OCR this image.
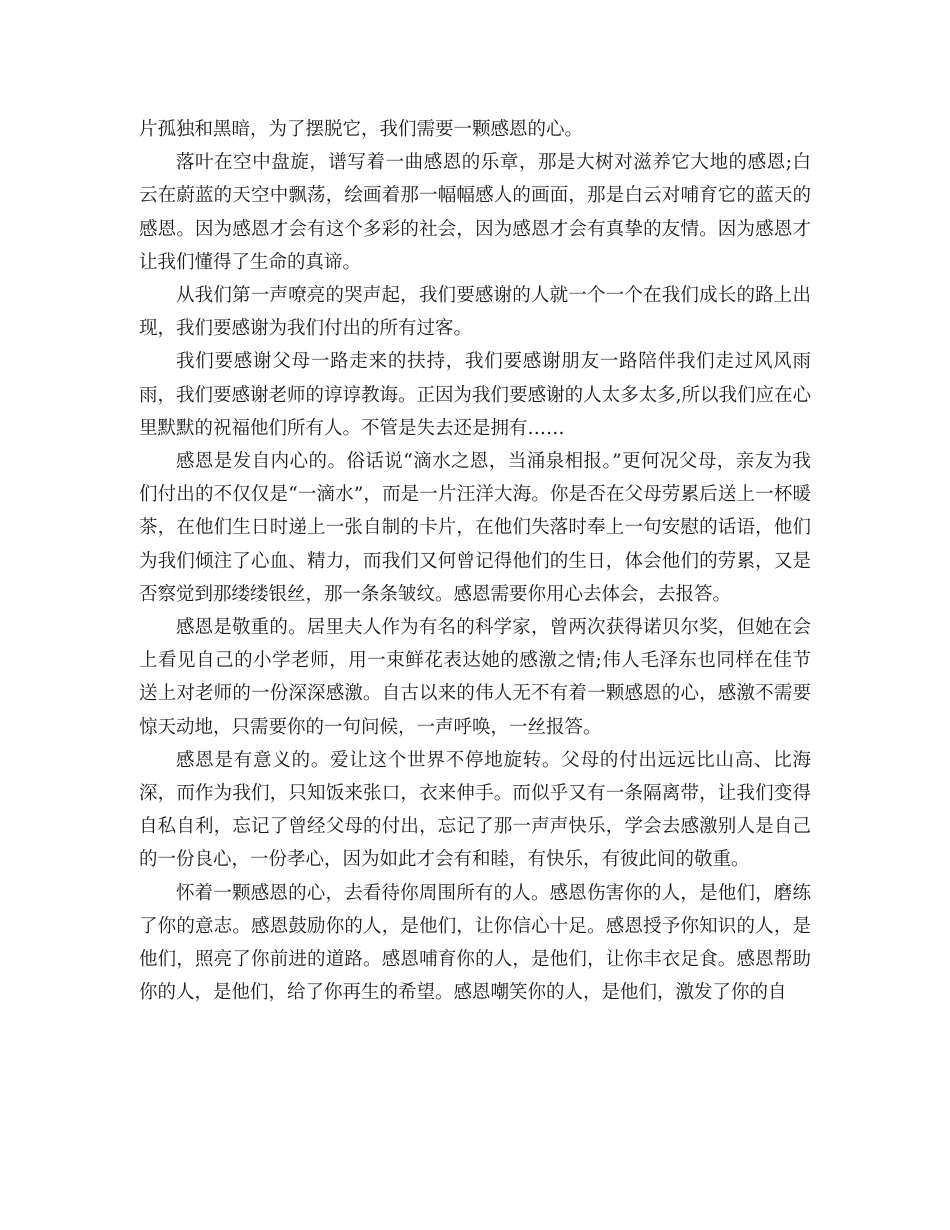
片孤独和黑暗，为了摆脱它，我们需要一颗感恩的心。

落叶在空中盘旋，谱写着一曲感恩的乐章，那是大树对滋养它大地的感恩;白云在蔚蓝的天空中飘荡，绘画着那一幅幅感人的画面，那是白云对哺育它的蓝天的感恩。因为感恩才会有这个多彩的社会，因为感恩才会有真挚的友情。因为感恩才让我们懂得了生命的真谛。

从我们第一声嘹亮的哭声起，我们要感谢的人就一个一个在我们成长的路上出现，我们要感谢为我们付出的所有过客。

我们要感谢父母一路走来的扶持，我们要感谢朋友一路陪伴我们走过风风雨雨，我们要感谢老师的谆谆教诲。正因为我们要感谢的人太多太多,所以我们应在心里默默的祝福他们所有人。不管是失去还是拥有……

感恩是发自内心的。俗话说“滴水之恩，当涌泉相报。”更何况父母，亲友为我们付出的不仅仅是“一滴水”，而是一片汪洋大海。你是否在父母劳累后送上一杯暖茶，在他们生日时递上一张自制的卡片，在他们失落时奉上一句安慰的话语，他们为我们倾注了心血、精力，而我们又何曾记得他们的生日，体会他们的劳累，又是否察觉到那缕缕银丝，那一条条皱纹。感恩需要你用心去体会，去报答。

感恩是敬重的。居里夫人作为有名的科学家，曾两次获得诺贝尔奖，但她在会上看见自己的小学老师，用一束鲜花表达她的感激之情;伟人毛泽东也同样在佳节送上对老师的一份深深感激。自古以来的伟人无不有着一颗感恩的心，感激不需要惊天动地，只需要你的一句问候，一声呼唤，一丝报答。

感恩是有意义的。爱让这个世界不停地旋转。父母的付出远远比山高、比海深，而作为我们，只知饭来张口，衣来伸手。而似乎又有一条隔离带，让我们变得自私自利，忘记了曾经父母的付出，忘记了那一声声快乐，学会去感激别人是自己的一份良心，一份孝心，因为如此才会有和睦，有快乐，有彼此间的敬重。

怀着一颗感恩的心，去看待你周围所有的人。感恩伤害你的人，是他们，磨练了你的意志。感恩鼓励你的人，是他们，让你信心十足。感恩授予你知识的人，是他们，照亮了你前进的道路。感恩哺育你的人，是他们，让你丰衣足食。感恩帮助你的人，是他们，给了你再生的希望。感恩嘲笑你的人，是他们，激发了你的自
